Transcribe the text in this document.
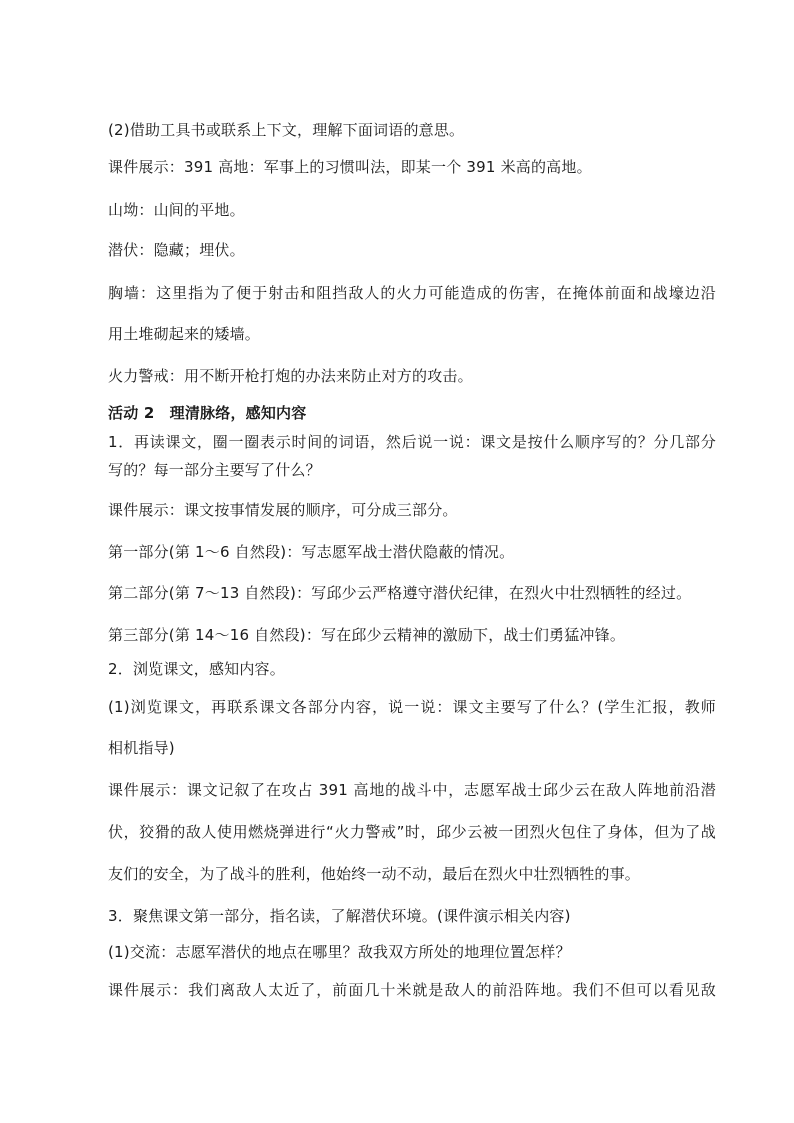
(2)借助工具书或联系上下文，理解下面词语的意思。
课件展示：391 高地：军事上的习惯叫法，即某一个 391 米高的高地。
山坳：山间的平地。
潜伏：隐藏；埋伏。
胸墙：这里指为了便于射击和阻挡敌人的火力可能造成的伤害，在掩体前面和战壕边沿
用土堆砌起来的矮墙。
火力警戒：用不断开枪打炮的办法来防止对方的攻击。
活动 2　理清脉络，感知内容
1．再读课文，圈一圈表示时间的词语，然后说一说：课文是按什么顺序写的？分几部分
写的？每一部分主要写了什么？
课件展示：课文按事情发展的顺序，可分成三部分。
第一部分(第 1～6 自然段)：写志愿军战士潜伏隐蔽的情况。
第二部分(第 7～13 自然段)：写邱少云严格遵守潜伏纪律，在烈火中壮烈牺牲的经过。
第三部分(第 14～16 自然段)：写在邱少云精神的激励下，战士们勇猛冲锋。
2．浏览课文，感知内容。
(1)浏览课文，再联系课文各部分内容，说一说：课文主要写了什么？(学生汇报，教师
相机指导)
课件展示：课文记叙了在攻占 391 高地的战斗中，志愿军战士邱少云在敌人阵地前沿潜
伏，狡猾的敌人使用燃烧弹进行“火力警戒”时，邱少云被一团烈火包住了身体，但为了战
友们的安全，为了战斗的胜利，他始终一动不动，最后在烈火中壮烈牺牲的事。
3．聚焦课文第一部分，指名读，了解潜伏环境。(课件演示相关内容)
(1)交流：志愿军潜伏的地点在哪里？敌我双方所处的地理位置怎样？
课件展示：我们离敌人太近了，前面几十米就是敌人的前沿阵地。我们不但可以看见敌
